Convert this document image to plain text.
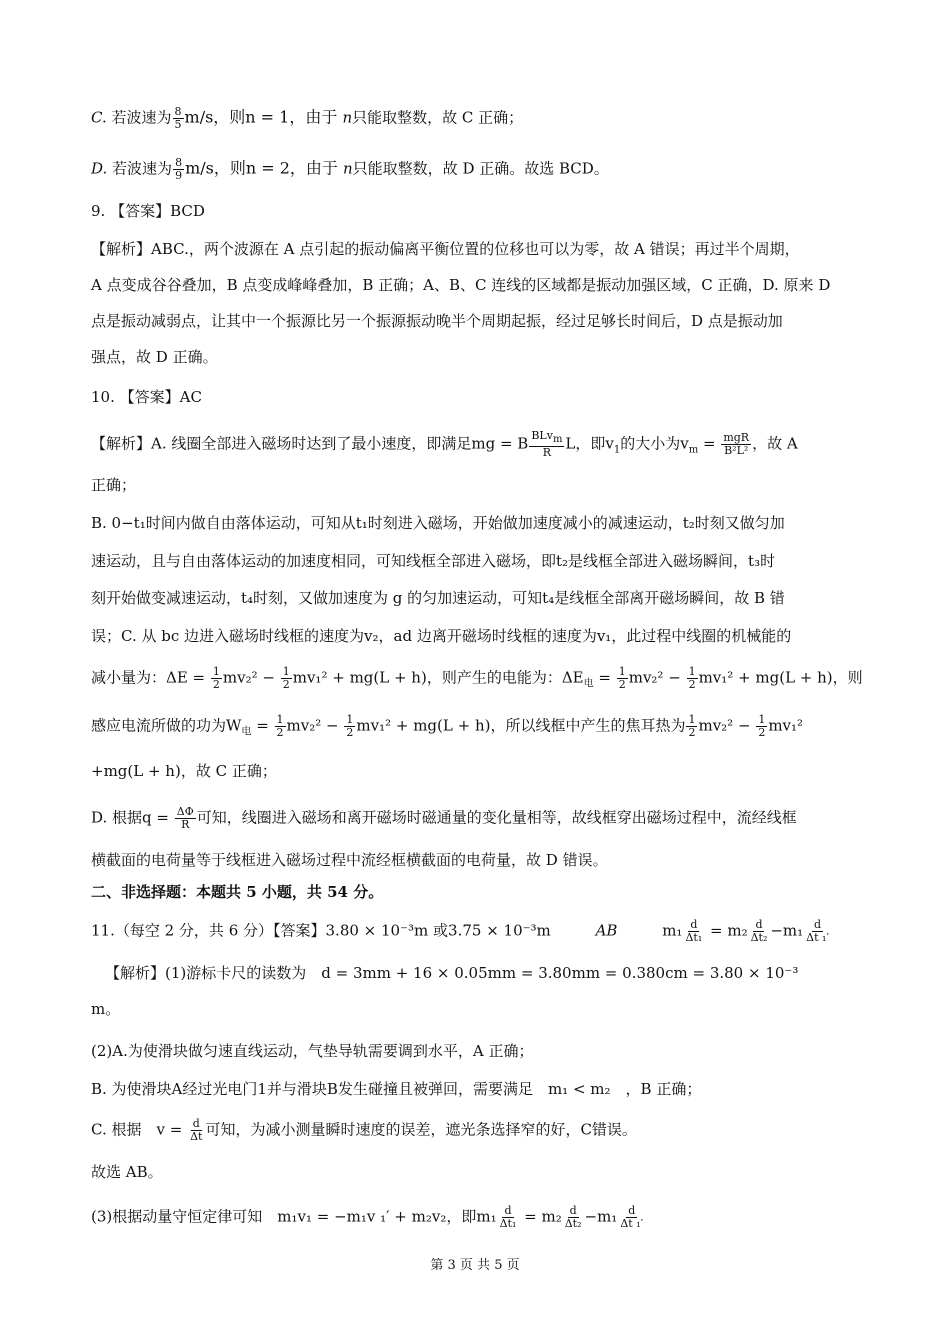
C. 若波速为 $\frac{8}{5} m/s$，则n = 1，由于 n只能取整数，故 C 正确；
D. 若波速为 $\frac{8}{9} m/s$，则n = 2，由于 n只能取整数，故 D 正确。故选 BCD。
9. 【答案】BCD
【解析】ABC.，两个波源在 A 点引起的振动偏离平衡位置的位移也可以为零，故 A 错误；再过半个周期，
A 点变成谷谷叠加，B 点变成峰峰叠加，B 正确；A、B、C 连线的区域都是振动加强区域，C 正确，D. 原来 D
点是振动减弱点，让其中一个振源比另一个振源振动晚半个周期起振，经过足够长时间后，D 点是振动加
强点，故 D 正确。
10. 【答案】AC
【解析】A. 线圈全部进入磁场时达到了最小速度，即满足mg = B $\frac{BLv_m}{R}$ L，即$v_1$的大小为$v_m = \frac{\text{mgR}}{\text{B²L²}}$ ，故 A
正确；
B. 0−t₁时间内做自由落体运动，可知从t₁时刻进入磁场，开始做加速度减小的减速运动，t₂时刻又做匀加
速运动，且与自由落体运动的加速度相同，可知线框全部进入磁场，即t₂是线框全部进入磁场瞬间，t₃时
刻开始做变减速运动，t₄时刻，又做加速度为 g 的匀加速运动，可知t₄是线框全部离开磁场瞬间，故 B 错
误；C. 从 bc 边进入磁场时线框的速度为v₂，ad 边离开磁场时线框的速度为v₁，此过程中线圈的机械能的
减小量为：$\Delta E = \frac{1}{2} mv_2^2 - \frac{1}{2} mv_1^2 + mg(L + h)$，则产生的电能为：$\Delta E_电 = \frac{1}{2} mv_2^2 - \frac{1}{2} mv_1^2 + mg(L + h)$，则
感应电流所做的功为$W_电 = \frac{1}{2} mv_2^2 - \frac{1}{2} mv_1^2 + mg(L + h)$，所以线框中产生的焦耳热为 $\frac{1}{2} mv_2^2 - \frac{1}{2} mv_1^2$
+mg(L + h)，故 C 正确；
D. 根据$q = \frac{\Delta\Phi}{R}$ 可知，线圈进入磁场和离开磁场时磁通量的变化量相等，故线框穿出磁场过程中，流经线框
横截面的电荷量等于线框进入磁场过程中流经框横截面的电荷量，故 D 错误。
二、非选择题：本题共 5 小题，共 54 分。
11.（每空 2 分，共 6 分）【答案】3.80 × 10⁻³m 或3.75 × 10⁻³m	AB	$m_1 \frac{d}{\text{Δt₁}} = m_2 \frac{d}{\text{Δt₂}} -m_1 \frac{d}{\text{Δt ₁′}}$
【解析】(1)游标卡尺的读数为　d = 3mm + 16 × 0.05mm = 3.80mm = 0.380cm = 3.80 × 10⁻³
m。
(2)A.为使滑块做匀速直线运动，气垫导轨需要调到水平，A 正确；
B. 为使滑块A经过光电门1并与滑块B发生碰撞且被弹回，需要满足　m₁ < m₂　，B 正确；
C. 根据　$v = \frac{d}{\Delta t}$ 可知，为减小测量瞬时速度的误差，遮光条选择窄的好，C错误。
故选 AB。
(3)根据动量守恒定律可知　m₁v₁ = −m₁v ₁′ + m₂v₂，即$m_1 \frac{d}{\text{Δt₁}} = m_2 \frac{d}{\text{Δt₂}} -m_1 \frac{d}{\text{Δt ₁′}}$
第 3 页 共 5 页
